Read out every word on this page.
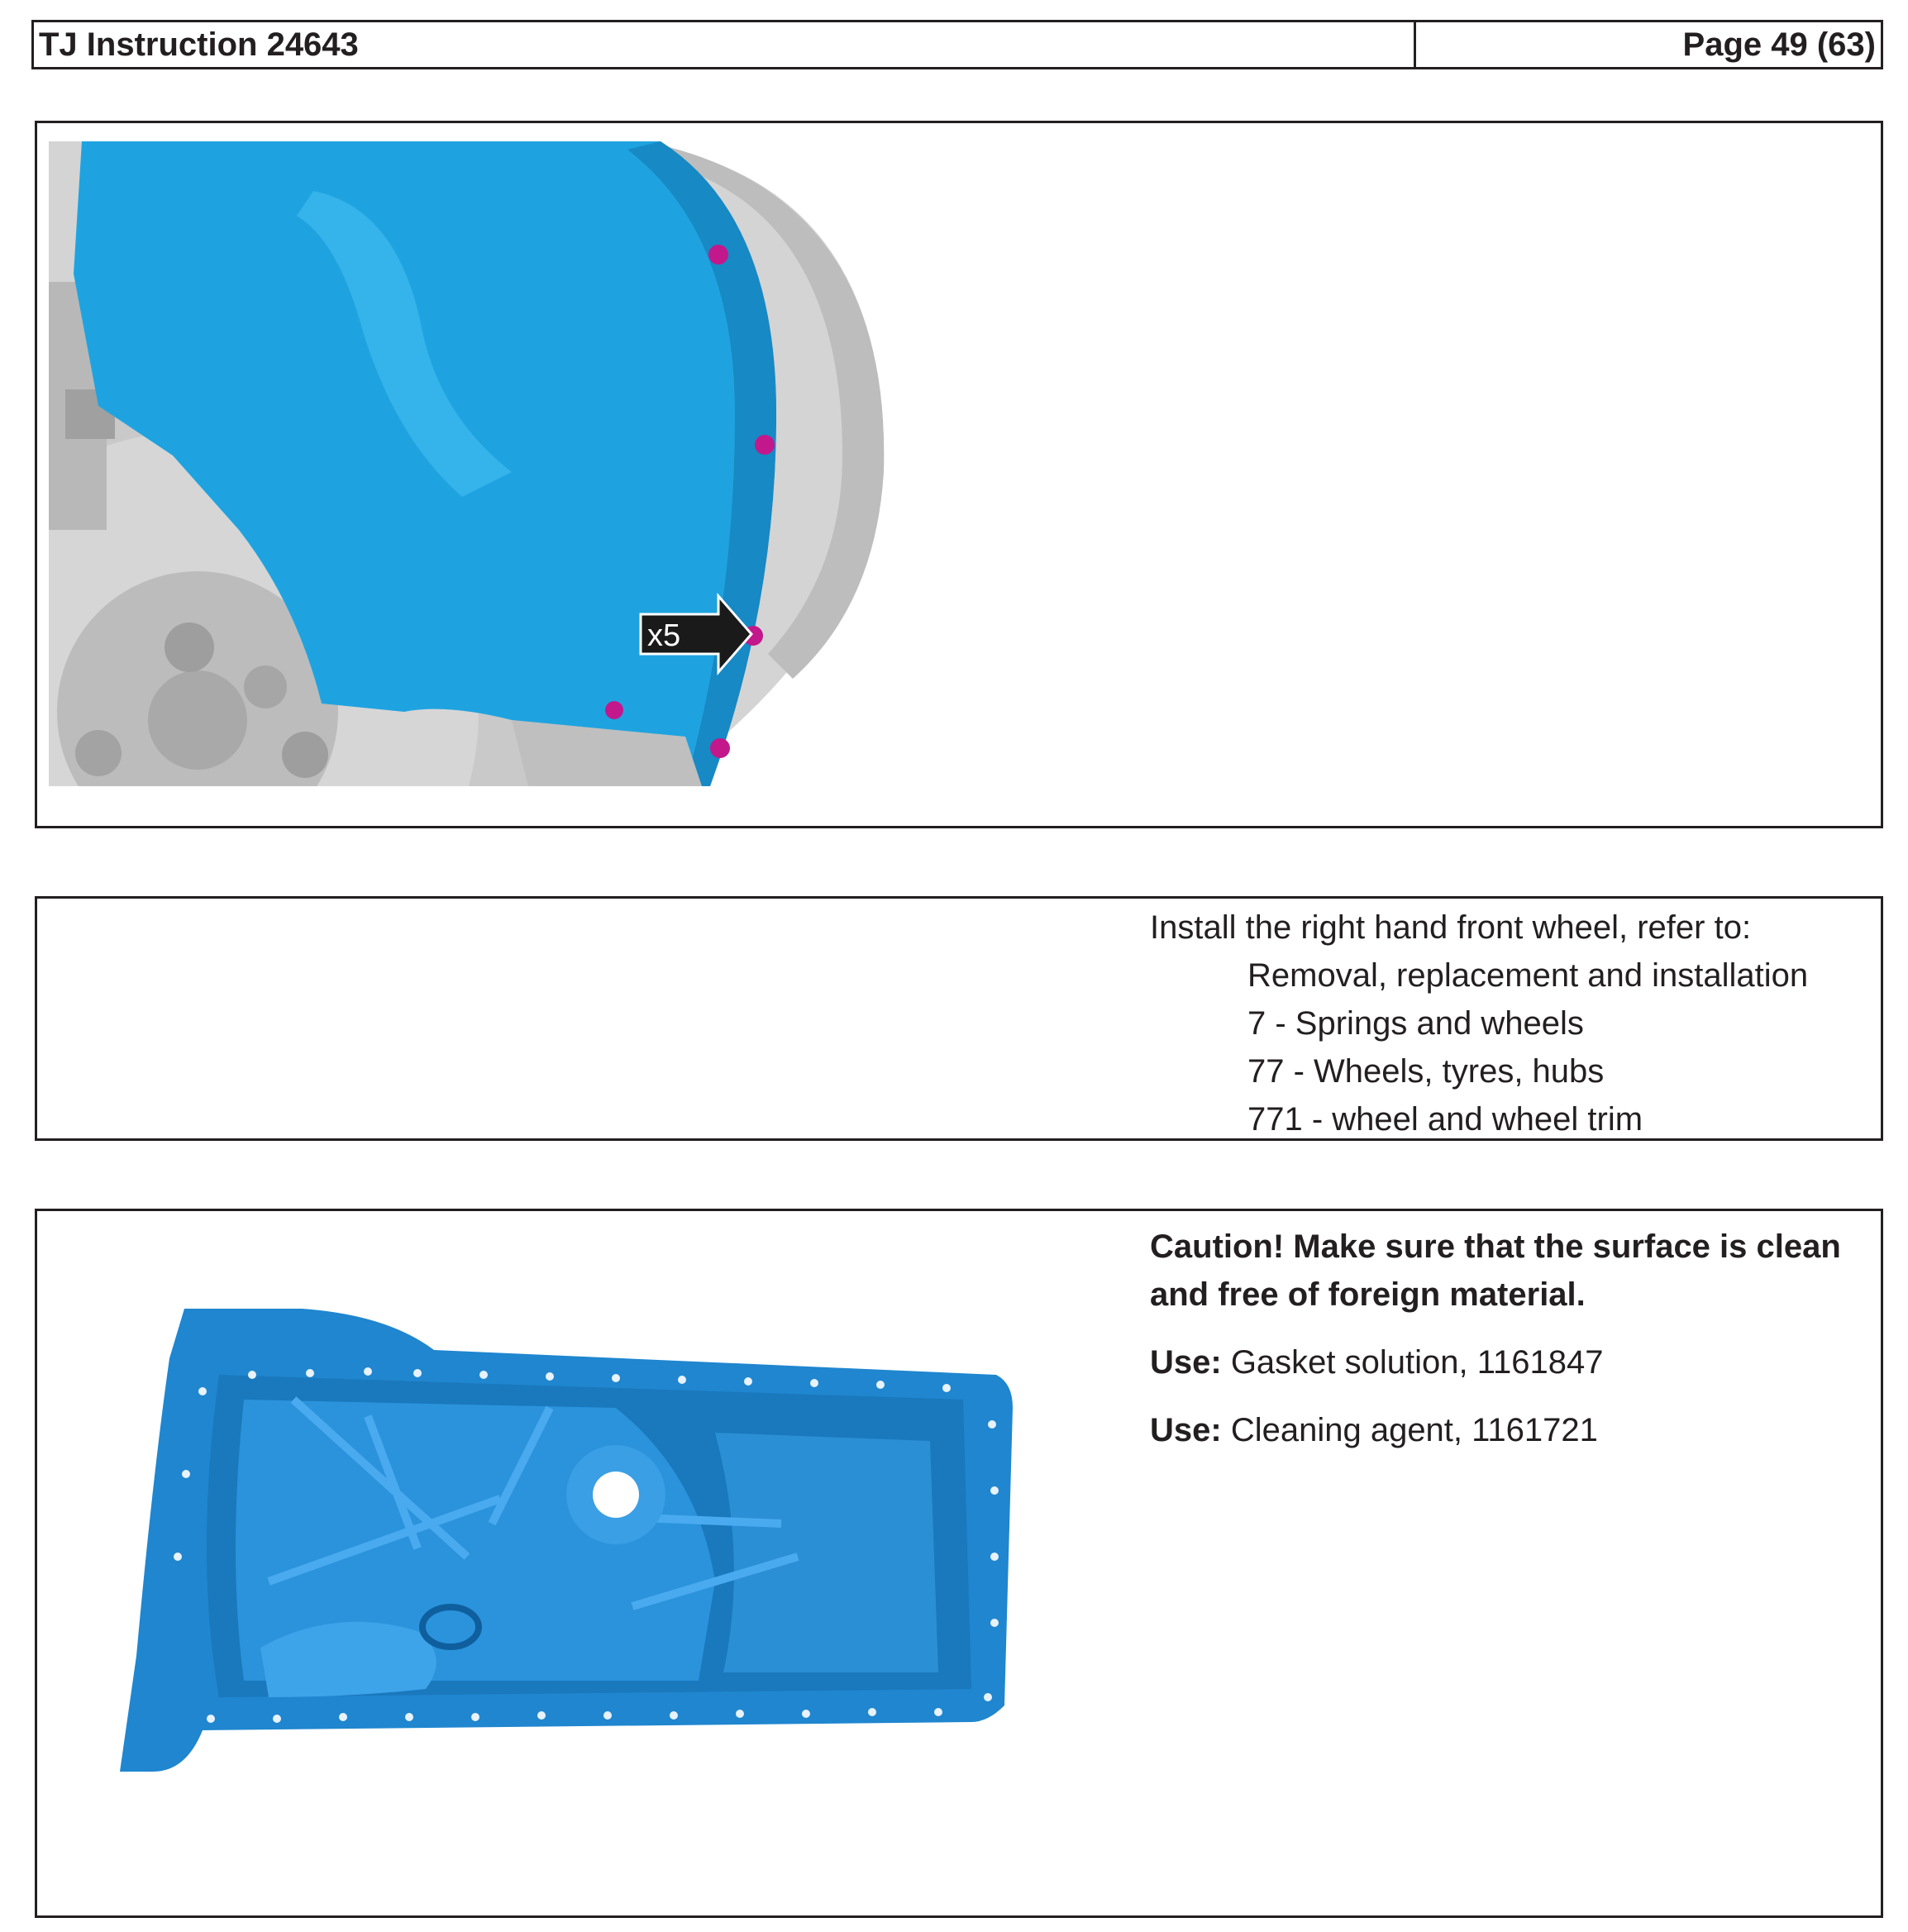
TJ Instruction 24643	Page 49 (63)
x5
Install the right hand front wheel, refer to:
Removal, replacement and installation
7 - Springs and wheels
77 - Wheels, tyres, hubs
771 - wheel and wheel trim
Caution! Make sure that the surface is clean and free of foreign material.
Use: Gasket solution, 1161847
Use: Cleaning agent, 1161721
